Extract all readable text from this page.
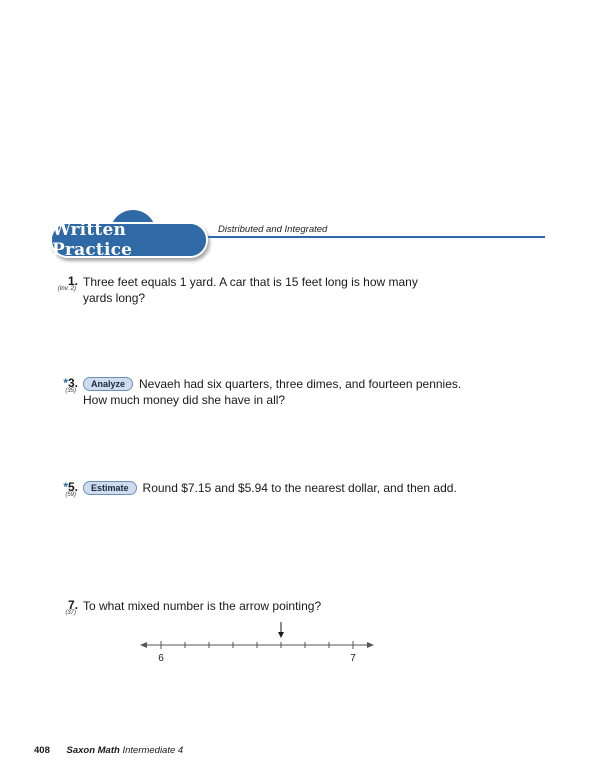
Written Practice
Distributed and Integrated
1.
(Inv. 2) Three feet equals 1 yard. A car that is 15 feet long is how many
yards long?
*3.
(35)
Analyze Nevaeh had six quarters, three dimes, and fourteen pennies.
How much money did she have in all?
*5.
(59)
Estimate Round $7.15 and $5.94 to the nearest dollar, and then add.
7.
(37) To what mixed number is the arrow pointing?
6	7
408 Saxon Math Intermediate 4
